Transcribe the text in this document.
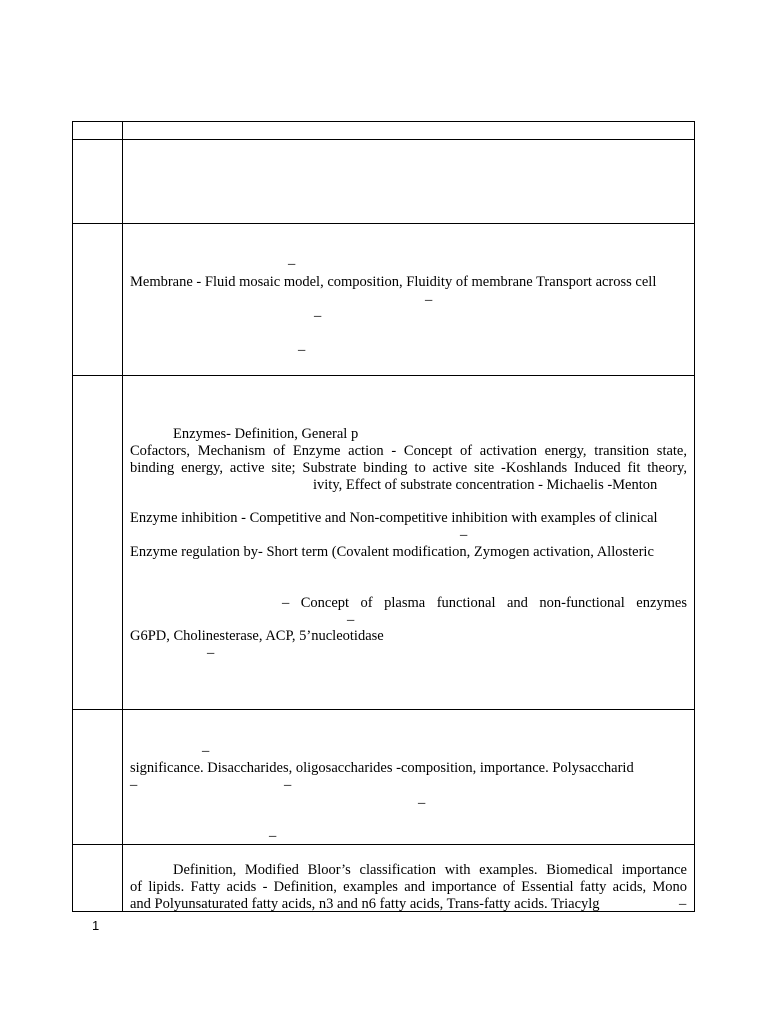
–
Membrane - Fluid mosaic model, composition, Fluidity of membrane Transport across cell
–
–
–
Enzymes- Definition, General p
Cofactors, Mechanism of Enzyme action - Concept of activation energy, transition state,
binding energy, active site; Substrate binding to active site -Koshlands Induced fit theory,
ivity, Effect of substrate concentration - Michaelis -Menton
Enzyme inhibition - Competitive and Non-competitive inhibition with examples of clinical
–
Enzyme regulation by- Short term (Covalent modification, Zymogen activation, Allosteric
– Concept of plasma functional and non-functional enzymes
–
G6PD, Cholinesterase, ACP, 5’nucleotidase
–
–
significance. Disaccharides, oligosaccharides -composition, importance. Polysaccharid
–	–
–
–
Definition, Modified Bloor’s classification with examples. Biomedical importance
of lipids. Fatty acids - Definition, examples and importance of Essential fatty acids, Mono
and Polyunsaturated fatty acids, n3 and n6 fatty acids, Trans-fatty acids. Triacylg	–
1
